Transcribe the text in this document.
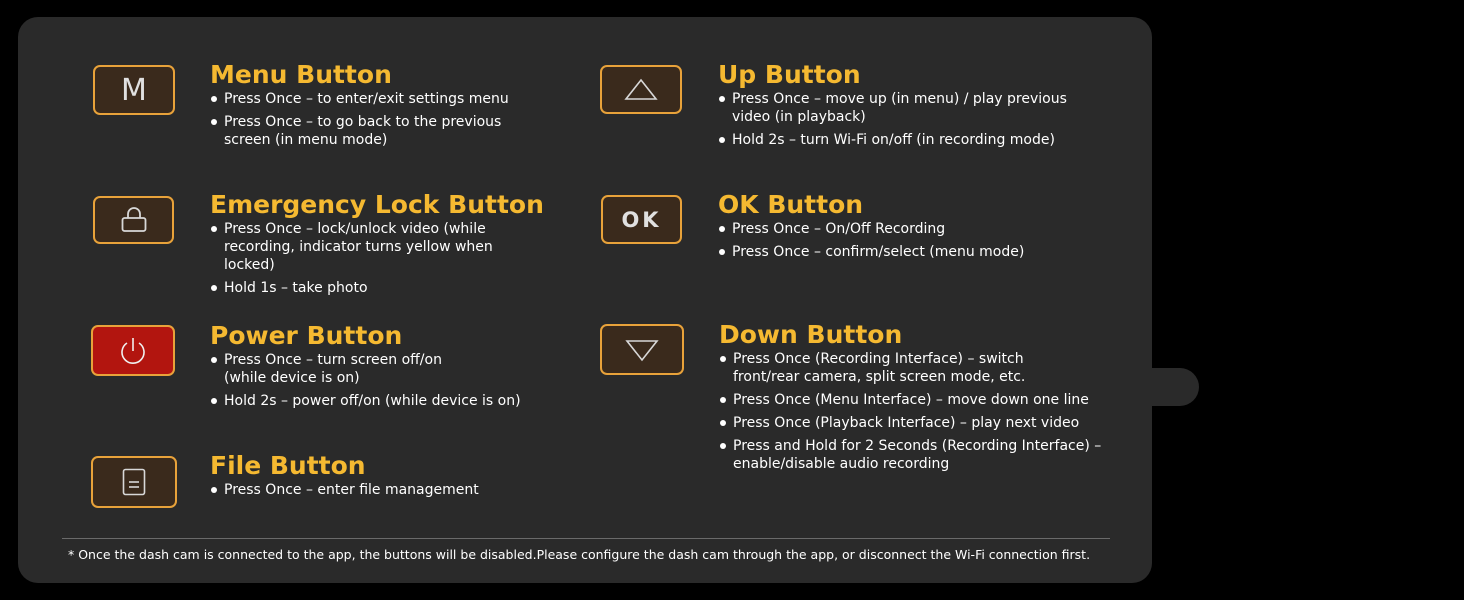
M	Menu Button
Press Once – to enter/exit settings menu
Press Once – to go back to the previous screen (in menu mode)
Emergency Lock Button
Press Once – lock/unlock video (while recording, indicator turns yellow when locked)
Hold 1s – take photo
Power Button
Press Once – turn screen off/on (while device is on)
Hold 2s – power off/on (while device is on)
File Button
Press Once – enter file management
Up Button
Press Once – move up (in menu) / play previous video (in playback)
Hold 2s – turn Wi-Fi on/off (in recording mode)
OK
OK Button
Press Once – On/Off Recording
Press Once – confirm/select (menu mode)
Down Button
Press Once (Recording Interface) – switch front/rear camera, split screen mode, etc.
Press Once (Menu Interface) – move down one line
Press Once (Playback Interface) – play next video
Press and Hold for 2 Seconds (Recording Interface) – enable/disable audio recording
* Once the dash cam is connected to the app, the buttons will be disabled.Please configure the dash cam through the app, or disconnect the Wi-Fi connection first.
